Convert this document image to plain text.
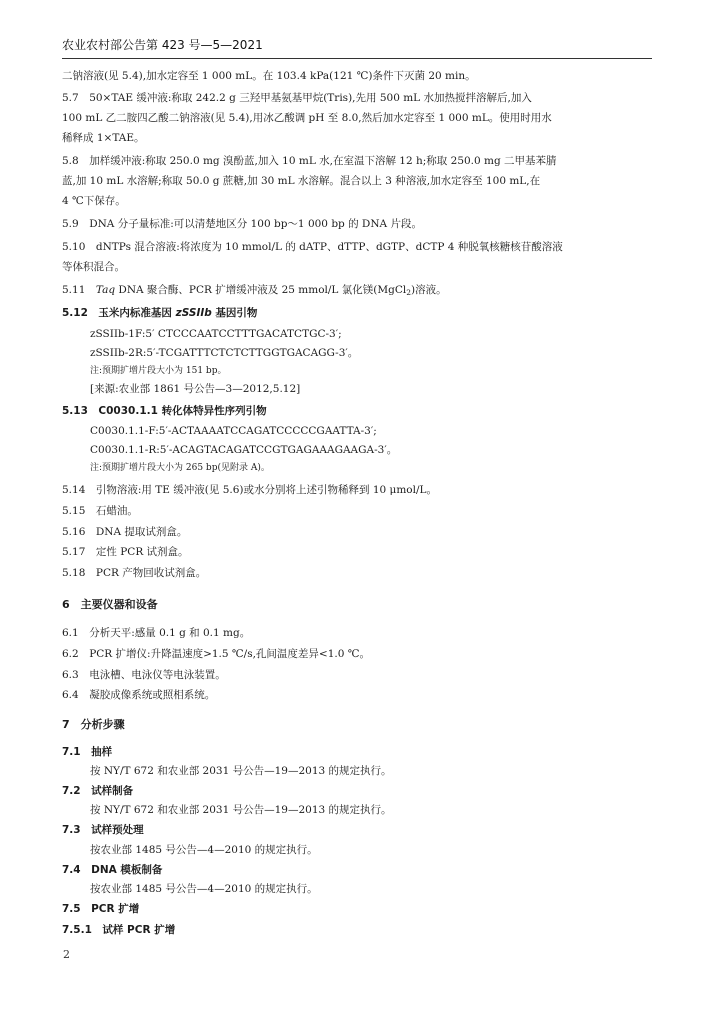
农业农村部公告第 423 号—5—2021
二钠溶液(见 5.4),加水定容至 1 000 mL。在 103.4 kPa(121 ℃)条件下灭菌 20 min。
5.7　50×TAE 缓冲液:称取 242.2 g 三羟甲基氨基甲烷(Tris),先用 500 mL 水加热搅拌溶解后,加入
100 mL 乙二胺四乙酸二钠溶液(见 5.4),用冰乙酸调 pH 至 8.0,然后加水定容至 1 000 mL。使用时用水
稀释成 1×TAE。
5.8　加样缓冲液:称取 250.0 mg 溴酚蓝,加入 10 mL 水,在室温下溶解 12 h;称取 250.0 mg 二甲基苯腈
蓝,加 10 mL 水溶解;称取 50.0 g 蔗糖,加 30 mL 水溶解。混合以上 3 种溶液,加水定容至 100 mL,在
4 ℃下保存。
5.9　DNA 分子量标准:可以清楚地区分 100 bp～1 000 bp 的 DNA 片段。
5.10　dNTPs 混合溶液:将浓度为 10 mmol/L 的 dATP、dTTP、dGTP、dCTP 4 种脱氧核糖核苷酸溶液
等体积混合。
5.11　 Taq DNA 聚合酶、PCR 扩增缓冲液及 25 mmol/L 氯化镁(MgCl$_2$)溶液。
5.12　 玉米内标准基因 zSSIIb 基因引物
zSSIIb-1F:5′ CTCCCAATCCTTTGACATCTGC-3′;
zSSIIb-2R:5′-TCGATTTCTCTCTTGGTGACAGG-3′。
注:预期扩增片段大小为 151 bp。
[来源:农业部 1861 号公告—3—2012,5.12]
5.13　 C0030.1.1 转化体特异性序列引物
C0030.1.1-F:5′-ACTAAAATCCAGATCCCCCGAATTA-3′;
C0030.1.1-R:5′-ACAGTACAGATCCGTGAGAAAGAAGA-3′。
注:预期扩增片段大小为 265 bp(见附录 A)。
5.14　引物溶液:用 TE 缓冲液(见 5.6)或水分别将上述引物稀释到 10 μmol/L。
5.15　石蜡油。
5.16　DNA 提取试剂盒。
5.17　定性 PCR 试剂盒。
5.18　PCR 产物回收试剂盒。
6　主要仪器和设备
6.1　分析天平:感量 0.1 g 和 0.1 mg。
6.2　PCR 扩增仪:升降温速度>1.5 ℃/s,孔间温度差异<1.0 ℃。
6.3　电泳槽、电泳仪等电泳装置。
6.4　凝胶成像系统或照相系统。
7　分析步骤
7.1　抽样
按 NY/T 672 和农业部 2031 号公告—19—2013 的规定执行。
7.2　试样制备
按 NY/T 672 和农业部 2031 号公告—19—2013 的规定执行。
7.3　试样预处理
按农业部 1485 号公告—4—2010 的规定执行。
7.4　DNA 模板制备
按农业部 1485 号公告—4—2010 的规定执行。
7.5　PCR 扩增
7.5.1　试样 PCR 扩增
2
